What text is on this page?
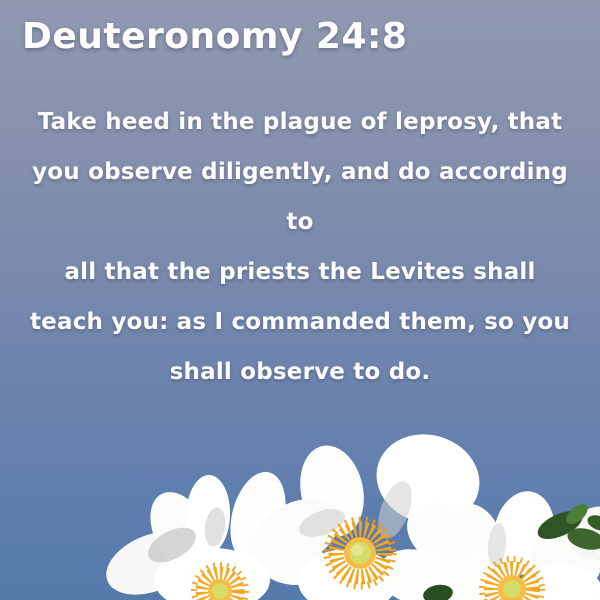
Deuteronomy 24:8
Take heed in the plague of leprosy, that
you observe diligently, and do according to
all that the priests the Levites shall
teach you: as I commanded them, so you
shall observe to do.
